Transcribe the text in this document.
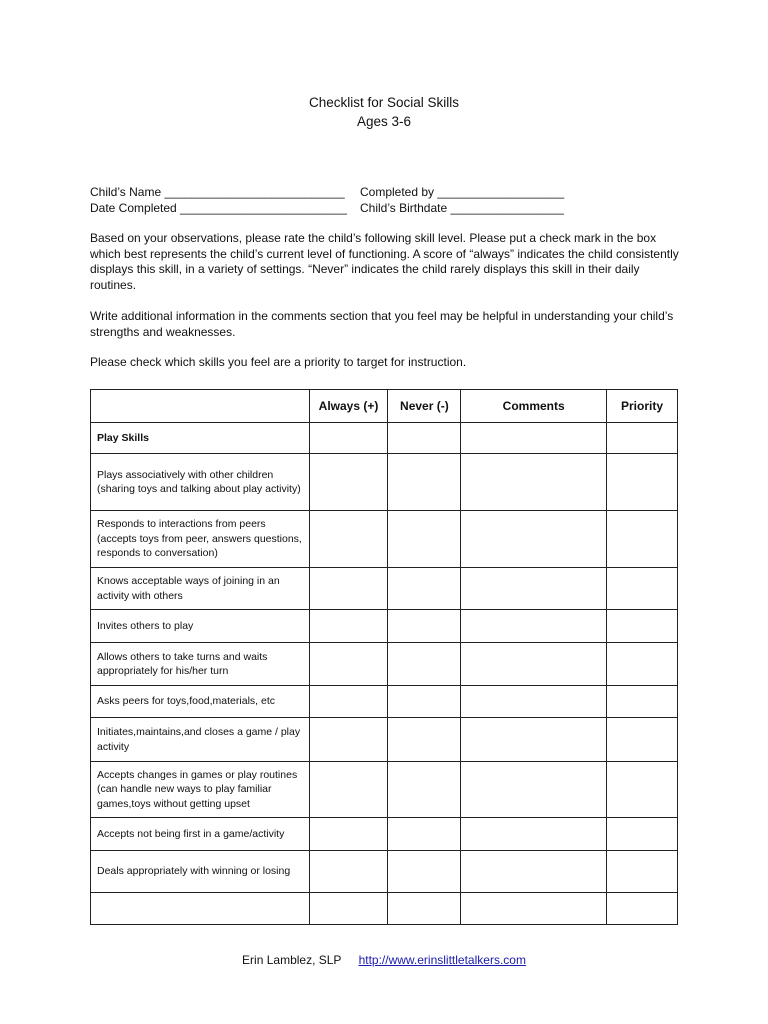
Checklist for Social Skills
Ages 3-6
Child’s Name ___________________________	Completed by ___________________
Date Completed _________________________	Child’s Birthdate _________________
Based on your observations, please rate the child’s following skill level. Please put a check mark in the box which best represents the child’s current level of functioning. A score of “always” indicates the child consistently displays this skill, in a variety of settings. “Never” indicates the child rarely displays this skill in their daily routines.
Write additional information in the comments section that you feel may be helpful in understanding your child’s strengths and weaknesses.
Please check which skills you feel are a priority to target for instruction.
	Always (+)	Never (-)	Comments	Priority
Play Skills				
Plays associatively with other children (sharing toys and talking about play activity)				
Responds to interactions from peers (accepts toys from peer, answers questions, responds to conversation)				
Knows acceptable ways of joining in an activity with others				
Invites others to play				
Allows others to take turns and waits appropriately for his/her turn				
Asks peers for toys,food,materials, etc				
Initiates,maintains,and closes a game / play activity				
Accepts changes in games or play routines (can handle new ways to play familiar games,toys without getting upset				
Accepts not being first in a game/activity				
Deals appropriately with winning or losing				

Erin Lamblez, SLP http://www.erinslittletalkers.com
